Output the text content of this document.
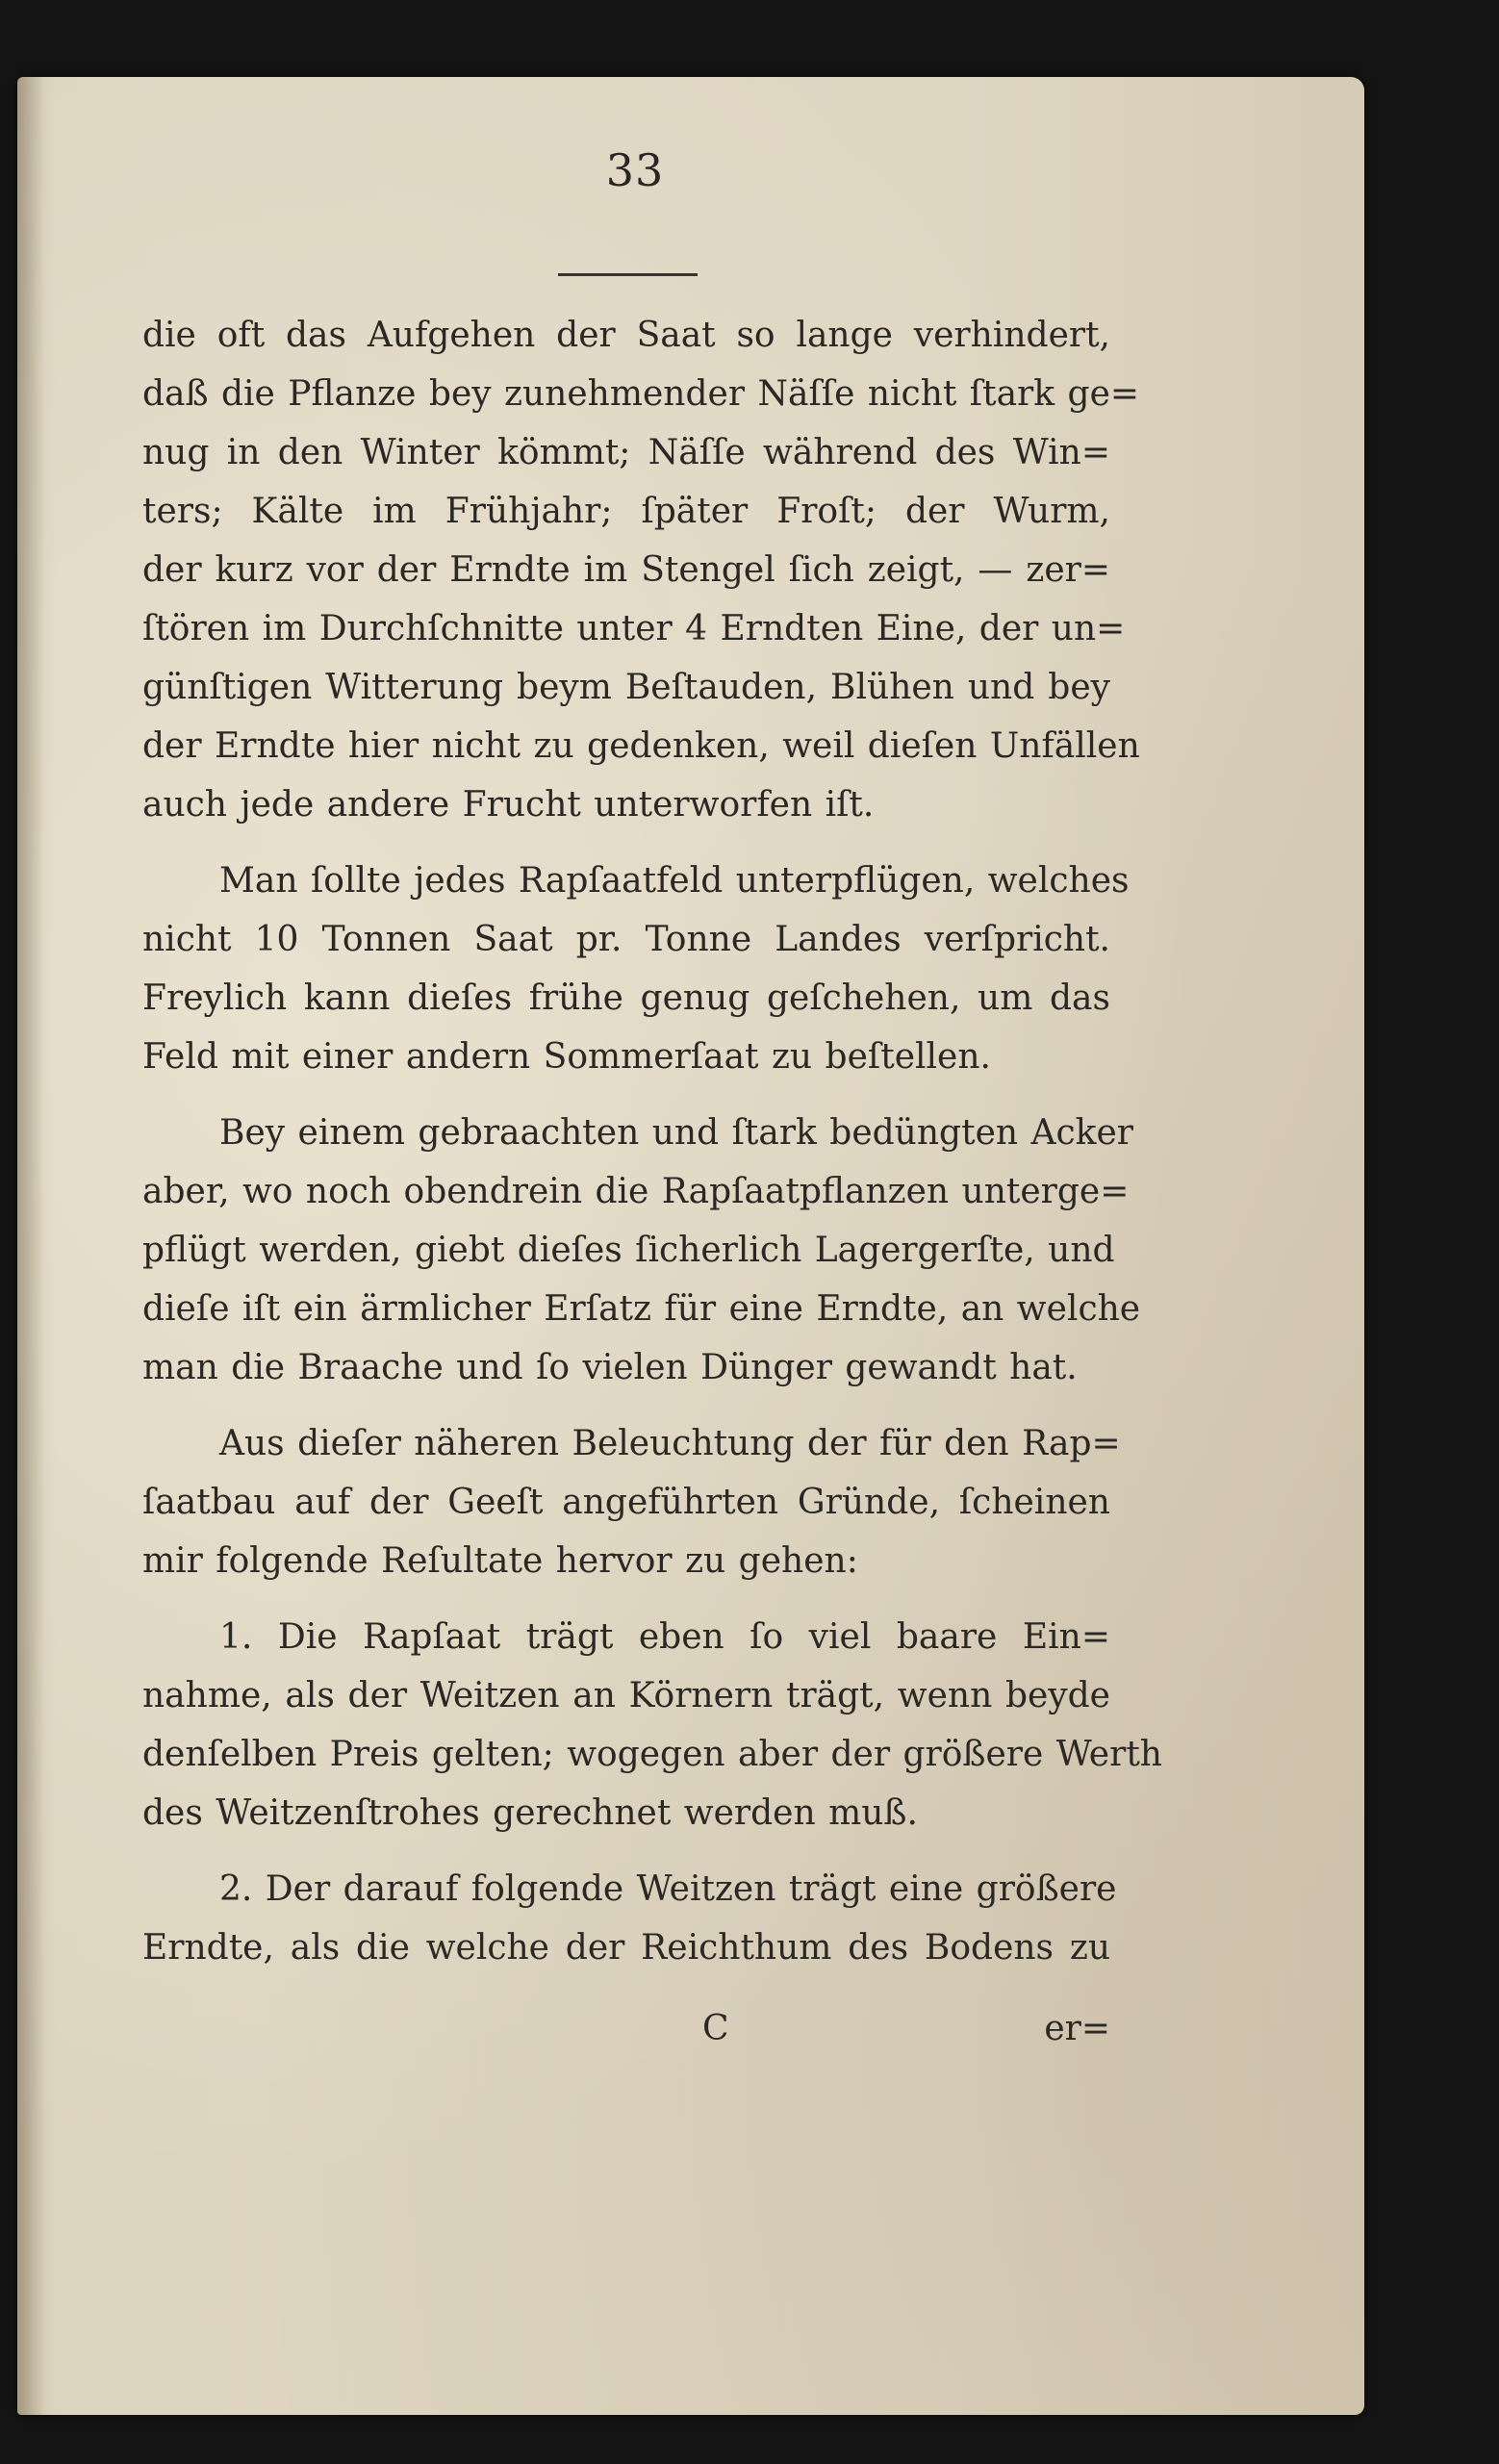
33

die oft das Aufgehen der Saat so lange verhindert,
daß die Pflanze bey zunehmender Näſſe nicht ſtark ge=
nug in den Winter kömmt; Näſſe während des Win=
ters; Kälte im Frühjahr; ſpäter Froſt; der Wurm,
der kurz vor der Erndte im Stengel ſich zeigt, — zer=
ſtören im Durchſchnitte unter 4 Erndten Eine, der un=
günſtigen Witterung beym Beſtauden, Blühen und bey
der Erndte hier nicht zu gedenken, weil dieſen Unfällen
auch jede andere Frucht unterworfen iſt.

Man ſollte jedes Rapſaatfeld unterpflügen, welches
nicht 10 Tonnen Saat pr. Tonne Landes verſpricht.
Freylich kann dieſes frühe genug geſchehen, um das
Feld mit einer andern Sommerſaat zu beſtellen.

Bey einem gebraachten und ſtark bedüngten Acker
aber, wo noch obendrein die Rapſaatpflanzen unterge=
pflügt werden, giebt dieſes ſicherlich Lagergerſte, und
dieſe iſt ein ärmlicher Erſatz für eine Erndte, an welche
man die Braache und ſo vielen Dünger gewandt hat.

Aus dieſer näheren Beleuchtung der für den Rap=
ſaatbau auf der Geeſt angeführten Gründe, ſcheinen
mir folgende Reſultate hervor zu gehen:

1. Die Rapſaat trägt eben ſo viel baare Ein=
nahme, als der Weitzen an Körnern trägt, wenn beyde
denſelben Preis gelten; wogegen aber der größere Werth
des Weitzenſtrohes gerechnet werden muß.

2. Der darauf folgende Weitzen trägt eine größere
Erndte, als die welche der Reichthum des Bodens zu

C	er=
